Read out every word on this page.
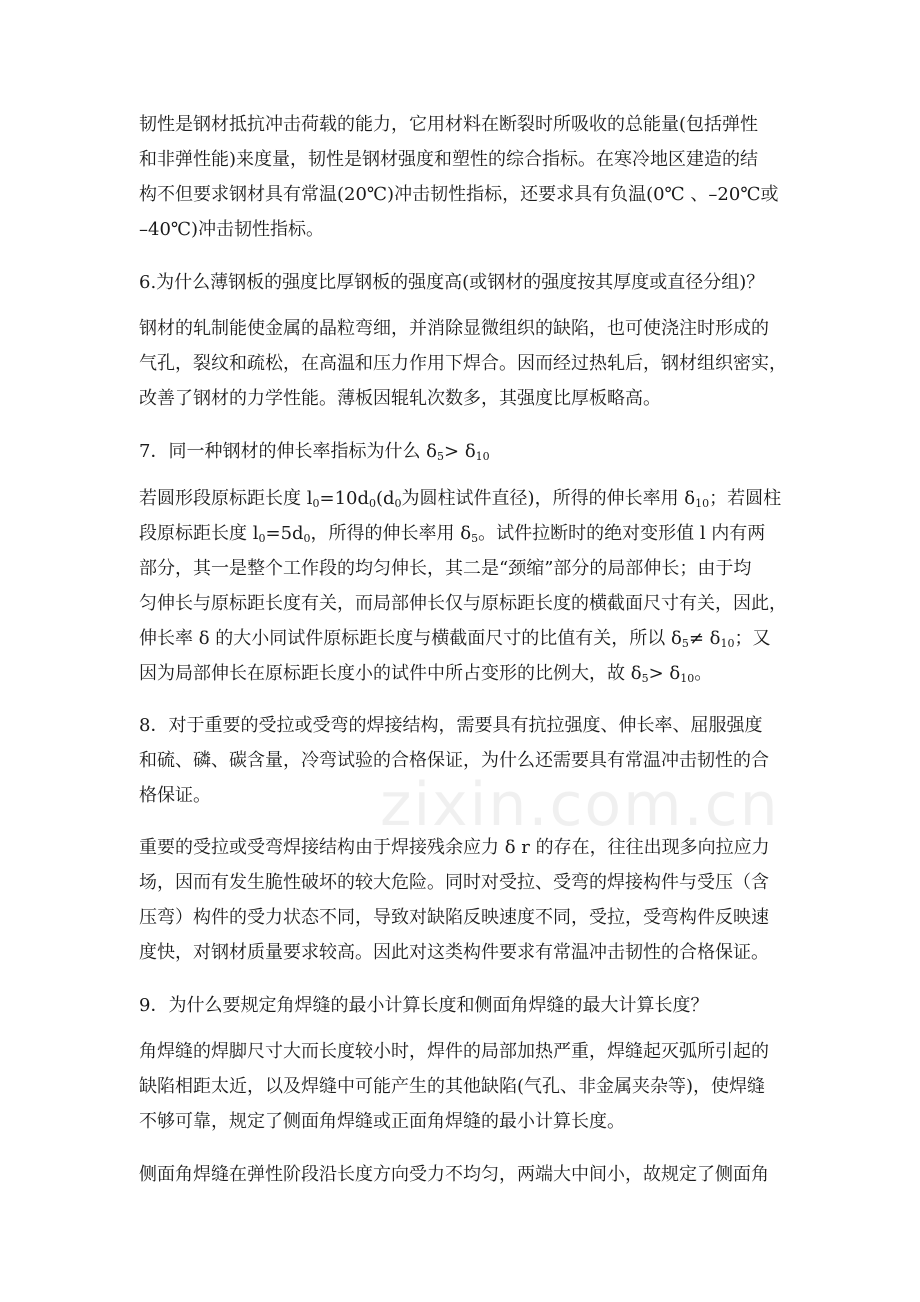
zixin.com.cn
韧性是钢材抵抗冲击荷载的能力，它用材料在断裂时所吸收的总能量(包括弹性
和非弹性能)来度量，韧性是钢材强度和塑性的综合指标。在寒冷地区建造的结
构不但要求钢材具有常温(20℃)冲击韧性指标，还要求具有负温(0℃ 、–20℃或
–40℃)冲击韧性指标。
6.为什么薄钢板的强度比厚钢板的强度高(或钢材的强度按其厚度或直径分组)？
钢材的轧制能使金属的晶粒弯细，并消除显微组织的缺陷，也可使浇注时形成的
气孔，裂纹和疏松，在高温和压力作用下焊合。因而经过热轧后，钢材组织密实，
改善了钢材的力学性能。薄板因辊轧次数多，其强度比厚板略高。
7．同一种钢材的伸长率指标为什么 $\delta_5> \delta_{10}$
若圆形段原标距长度 $l_0=10d_0(d_0$为圆柱试件直径)，所得的伸长率用 $\delta_{10}$；若圆柱
段原标距长度 $l_0=5d_0$，所得的伸长率用 $\delta_5$。试件拉断时的绝对变形值 l 内有两
部分，其一是整个工作段的均匀伸长，其二是“颈缩”部分的局部伸长；由于均
匀伸长与原标距长度有关，而局部伸长仅与原标距长度的横截面尺寸有关，因此，
伸长率 δ 的大小同试件原标距长度与横截面尺寸的比值有关，所以 $\delta_5\ne \delta_{10}$；又
因为局部伸长在原标距长度小的试件中所占变形的比例大，故 $\delta_5> \delta_{10}$。
8．对于重要的受拉或受弯的焊接结构，需要具有抗拉强度、伸长率、屈服强度
和硫、磷、碳含量，冷弯试验的合格保证，为什么还需要具有常温冲击韧性的合
格保证。
重要的受拉或受弯焊接结构由于焊接残余应力 δ r 的存在，往往出现多向拉应力
场，因而有发生脆性破坏的较大危险。同时对受拉、受弯的焊接构件与受压（含
压弯）构件的受力状态不同，导致对缺陷反映速度不同，受拉，受弯构件反映速
度快，对钢材质量要求较高。因此对这类构件要求有常温冲击韧性的合格保证。
9．为什么要规定角焊缝的最小计算长度和侧面角焊缝的最大计算长度？
角焊缝的焊脚尺寸大而长度较小时，焊件的局部加热严重，焊缝起灭弧所引起的
缺陷相距太近，以及焊缝中可能产生的其他缺陷(气孔、非金属夹杂等)，使焊缝
不够可靠，规定了侧面角焊缝或正面角焊缝的最小计算长度。
侧面角焊缝在弹性阶段沿长度方向受力不均匀，两端大中间小，故规定了侧面角
